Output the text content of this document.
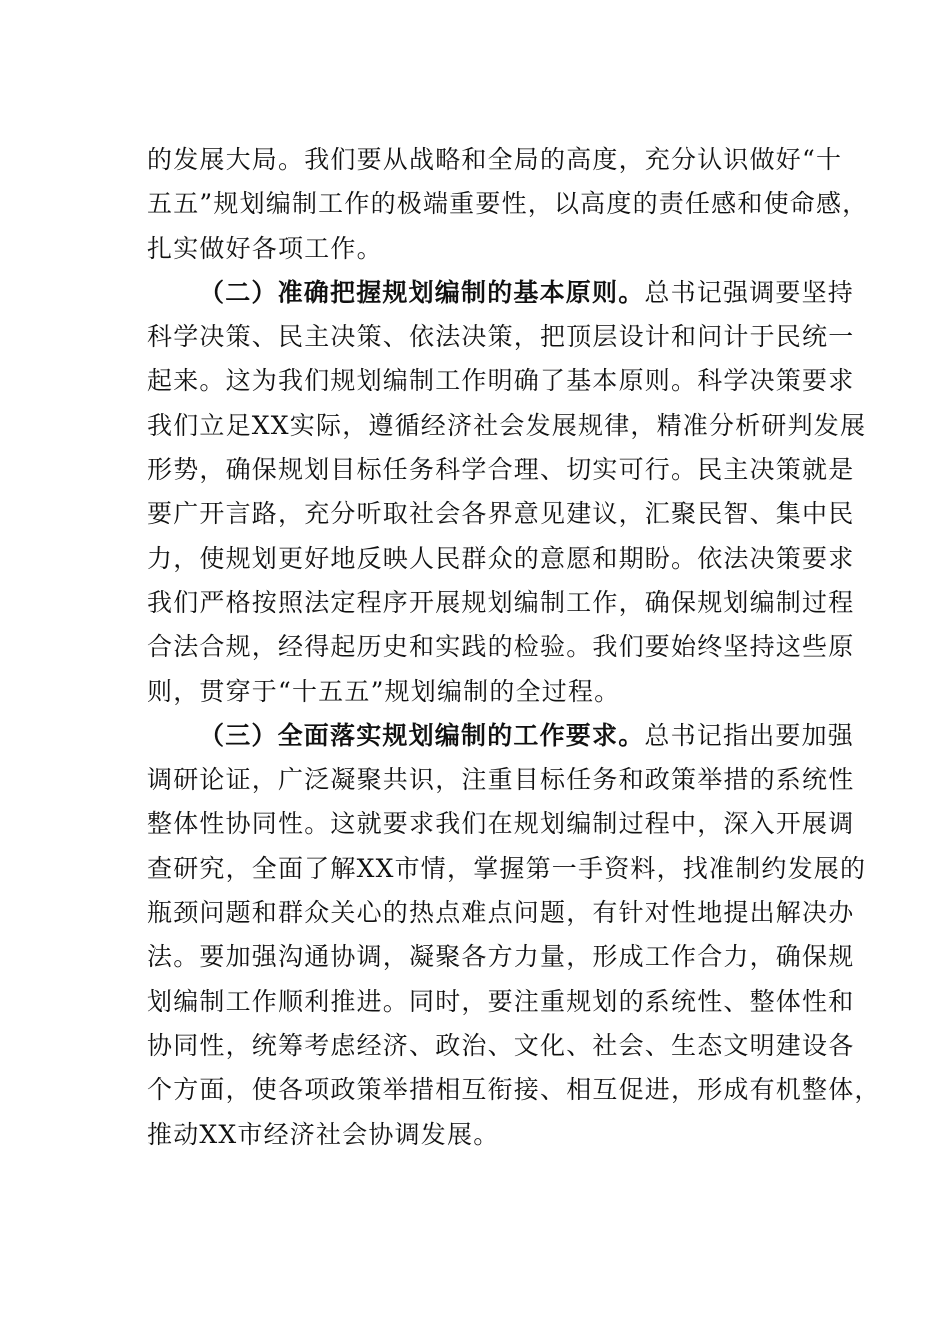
的发展大局。我们要从战略和全局的高度，充分认识做好“十
五五”规划编制工作的极端重要性，以高度的责任感和使命感，
扎实做好各项工作。
（二）准确把握规划编制的基本原则。总书记强调要坚持
科学决策、民主决策、依法决策，把顶层设计和问计于民统一
起来。这为我们规划编制工作明确了基本原则。科学决策要求
我们立足XX实际，遵循经济社会发展规律，精准分析研判发展
形势，确保规划目标任务科学合理、切实可行。民主决策就是
要广开言路，充分听取社会各界意见建议，汇聚民智、集中民
力，使规划更好地反映人民群众的意愿和期盼。依法决策要求
我们严格按照法定程序开展规划编制工作，确保规划编制过程
合法合规，经得起历史和实践的检验。我们要始终坚持这些原
则，贯穿于“十五五”规划编制的全过程。
（三）全面落实规划编制的工作要求。总书记指出要加强
调研论证，广泛凝聚共识，注重目标任务和政策举措的系统性
整体性协同性。这就要求我们在规划编制过程中，深入开展调
查研究，全面了解XX市情，掌握第一手资料，找准制约发展的
瓶颈问题和群众关心的热点难点问题，有针对性地提出解决办
法。要加强沟通协调，凝聚各方力量，形成工作合力，确保规
划编制工作顺利推进。同时，要注重规划的系统性、整体性和
协同性，统筹考虑经济、政治、文化、社会、生态文明建设各
个方面，使各项政策举措相互衔接、相互促进，形成有机整体，
推动XX市经济社会协调发展。
